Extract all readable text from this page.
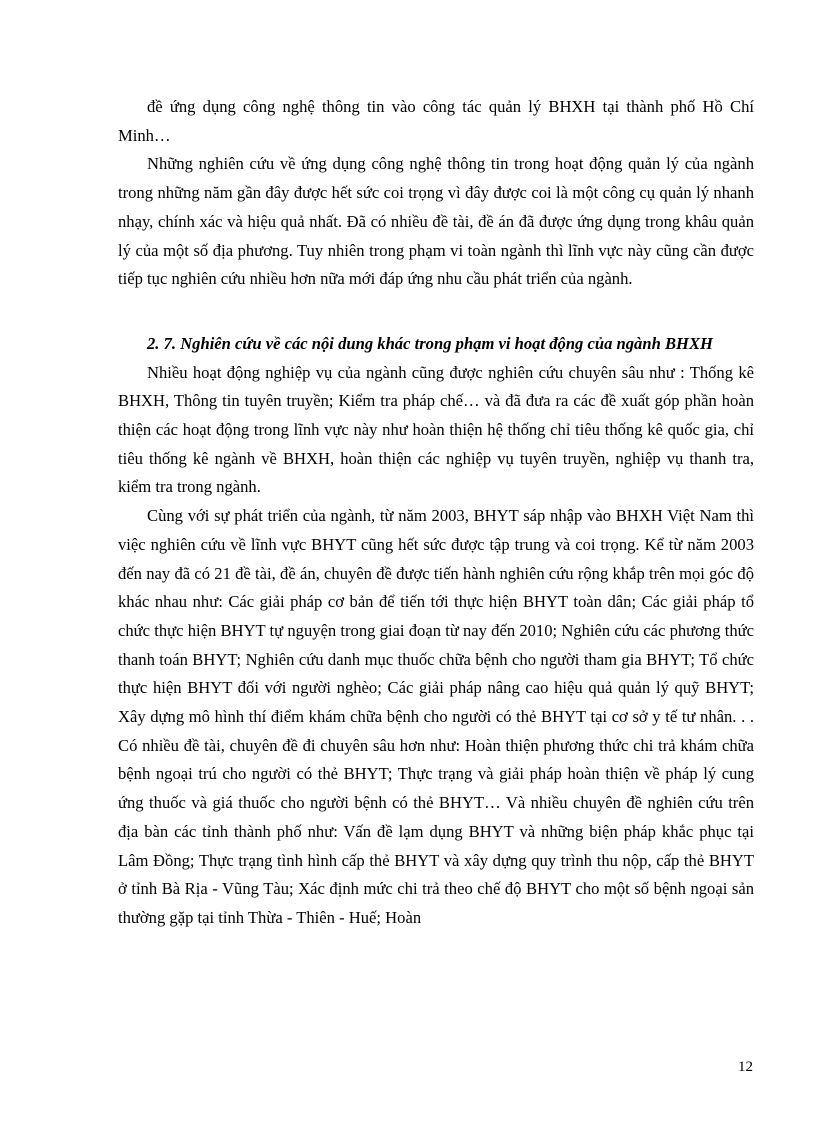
đề ứng dụng công nghệ thông tin vào công tác quản lý BHXH tại thành phố Hồ Chí Minh…

Những nghiên cứu về ứng dụng công nghệ thông tin trong hoạt động quản lý của ngành trong những năm gần đây được hết sức coi trọng vì đây được coi là một công cụ quản lý nhanh nhạy, chính xác và hiệu quả nhất. Đã có nhiều đề tài, đề án đã được ứng dụng trong khâu quản lý của một số địa phương. Tuy nhiên trong phạm vi toàn ngành thì lĩnh vực này cũng cần được tiếp tục nghiên cứu nhiều hơn nữa mới đáp ứng nhu cầu phát triển của ngành.

2. 7. Nghiên cứu về các nội dung khác trong phạm vi hoạt động của ngành BHXH

Nhiều hoạt động nghiệp vụ của ngành cũng được nghiên cứu chuyên sâu như : Thống kê BHXH, Thông tin tuyên truyền; Kiểm tra pháp chế… và đã đưa ra các đề xuất góp phần hoàn thiện các hoạt động trong lĩnh vực này như hoàn thiện hệ thống chỉ tiêu thống kê quốc gia, chỉ tiêu thống kê ngành về BHXH, hoàn thiện các nghiệp vụ tuyên truyền, nghiệp vụ thanh tra, kiểm tra trong ngành.

Cùng với sự phát triển của ngành, từ năm 2003, BHYT sáp nhập vào BHXH Việt Nam thì việc nghiên cứu về lĩnh vực BHYT cũng hết sức được tập trung và coi trọng. Kể từ năm 2003 đến nay đã có 21 đề tài, đề án, chuyên đề được tiến hành nghiên cứu rộng khắp trên mọi góc độ khác nhau như: Các giải pháp cơ bản để tiến tới thực hiện BHYT toàn dân; Các giải pháp tổ chức thực hiện BHYT tự nguyện trong giai đoạn từ nay đến 2010; Nghiên cứu các phương thức thanh toán BHYT; Nghiên cứu danh mục thuốc chữa bệnh cho người tham gia BHYT; Tổ chức thực hiện BHYT đối với người nghèo; Các giải pháp nâng cao hiệu quả quản lý quỹ BHYT; Xây dựng mô hình thí điểm khám chữa bệnh cho người có thẻ BHYT tại cơ sở y tế tư nhân. . . Có nhiều đề tài, chuyên đề đi chuyên sâu hơn như: Hoàn thiện phương thức chi trả khám chữa bệnh ngoại trú cho người có thẻ BHYT; Thực trạng và giải pháp hoàn thiện về pháp lý cung ứng thuốc và giá thuốc cho người bệnh có thẻ BHYT… Và nhiều chuyên đề nghiên cứu trên địa bàn các tỉnh thành phố như: Vấn đề lạm dụng BHYT và những biện pháp khắc phục tại Lâm Đồng; Thực trạng tình hình cấp thẻ BHYT và xây dựng quy trình thu nộp, cấp thẻ BHYT ở tỉnh Bà Rịa - Vũng Tàu; Xác định mức chi trả theo chế độ BHYT cho một số bệnh ngoại sản thường gặp tại tỉnh Thừa - Thiên - Huế; Hoàn

12
